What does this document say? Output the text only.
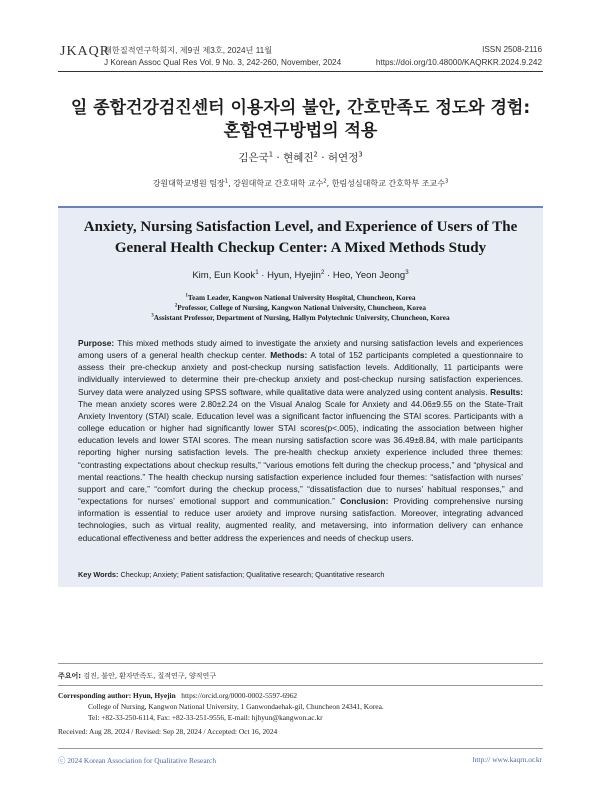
JKAQR
대한질적연구학회지, 제9권 제3호, 2024년 11월
J Korean Assoc Qual Res Vol. 9 No. 3, 242-260, November, 2024
ISSN 2508-2116
https://doi.org/10.48000/KAQRKR.2024.9.242
일 종합건강검진센터 이용자의 불안, 간호만족도 정도와 경험:
혼합연구방법의 적용
김은국$^1$ · 현혜진$^2$ · 허연정$^3$
강원대학교병원 팀장$^1$, 강원대학교 간호대학 교수$^2$, 한림성심대학교 간호학부 조교수$^3$
Anxiety, Nursing Satisfaction Level, and Experience of Users of The
General Health Checkup Center: A Mixed Methods Study
Kim, Eun Kook$^1$ · Hyun, Hyejin$^2$ · Heo, Yeon Jeong$^3$
$^1$Team Leader, Kangwon National University Hospital, Chuncheon, Korea
$^2$Professor, College of Nursing, Kangwon National University, Chuncheon, Korea
$^3$Assistant Professor, Department of Nursing, Hallym Polytechnic University, Chuncheon, Korea
Purpose: This mixed methods study aimed to investigate the anxiety and nursing satisfaction levels and experiences among users of a general health checkup center. Methods: A total of 152 participants completed a questionnaire to assess their pre-checkup anxiety and post-checkup nursing satisfaction levels. Additionally, 11 participants were individually interviewed to determine their pre-checkup anxiety and post-checkup nursing satisfaction experiences. Survey data were analyzed using SPSS software, while qualitative data were analyzed using content analysis. Results: The mean anxiety scores were 2.80±2.24 on the Visual Analog Scale for Anxiety and 44.06±9.55 on the State-Trait Anxiety Inventory (STAI) scale. Education level was a significant factor influencing the STAI scores. Participants with a college education or higher had significantly lower STAI scores(p<.005), indicating the association between higher education levels and lower STAI scores. The mean nursing satisfaction score was 36.49±8.84, with male participants reporting higher nursing satisfaction levels. The pre-health checkup anxiety experience included three themes: “contrasting expectations about checkup results,” “various emotions felt during the checkup process,” and “physical and mental reactions.” The health checkup nursing satisfaction experience included four themes: “satisfaction with nurses’ support and care,” “comfort during the checkup process,” “dissatisfaction due to nurses’ habitual responses,” and “expectations for nurses’ emotional support and communication.” Conclusion: Providing comprehensive nursing information is essential to reduce user anxiety and improve nursing satisfaction. Moreover, integrating advanced technologies, such as virtual reality, augmented reality, and metaversing, into information delivery can enhance educational effectiveness and better address the experiences and needs of checkup users.
Key Words: Checkup; Anxiety; Patient satisfaction; Qualitative research; Quantitative research
주요어: 검진, 불안, 환자만족도, 질적연구, 양적연구
Corresponding author: Hyun, Hyejin https://orcid.org/0000-0002-5597-6962
College of Nursing, Kangwon National University, 1 Ganwondaehak-gil, Chuncheon 24341, Korea.
Tel: +82-33-250-6114, Fax: +82-33-251-9556, E-mail: hjhyun@kangwon.ac.kr
Received: Aug 28, 2024 / Revised: Sep 28, 2024 / Accepted: Oct 16, 2024
ⓒ 2024 Korean Association for Qualitative Research	http:// www.kaqrn.or.kr
